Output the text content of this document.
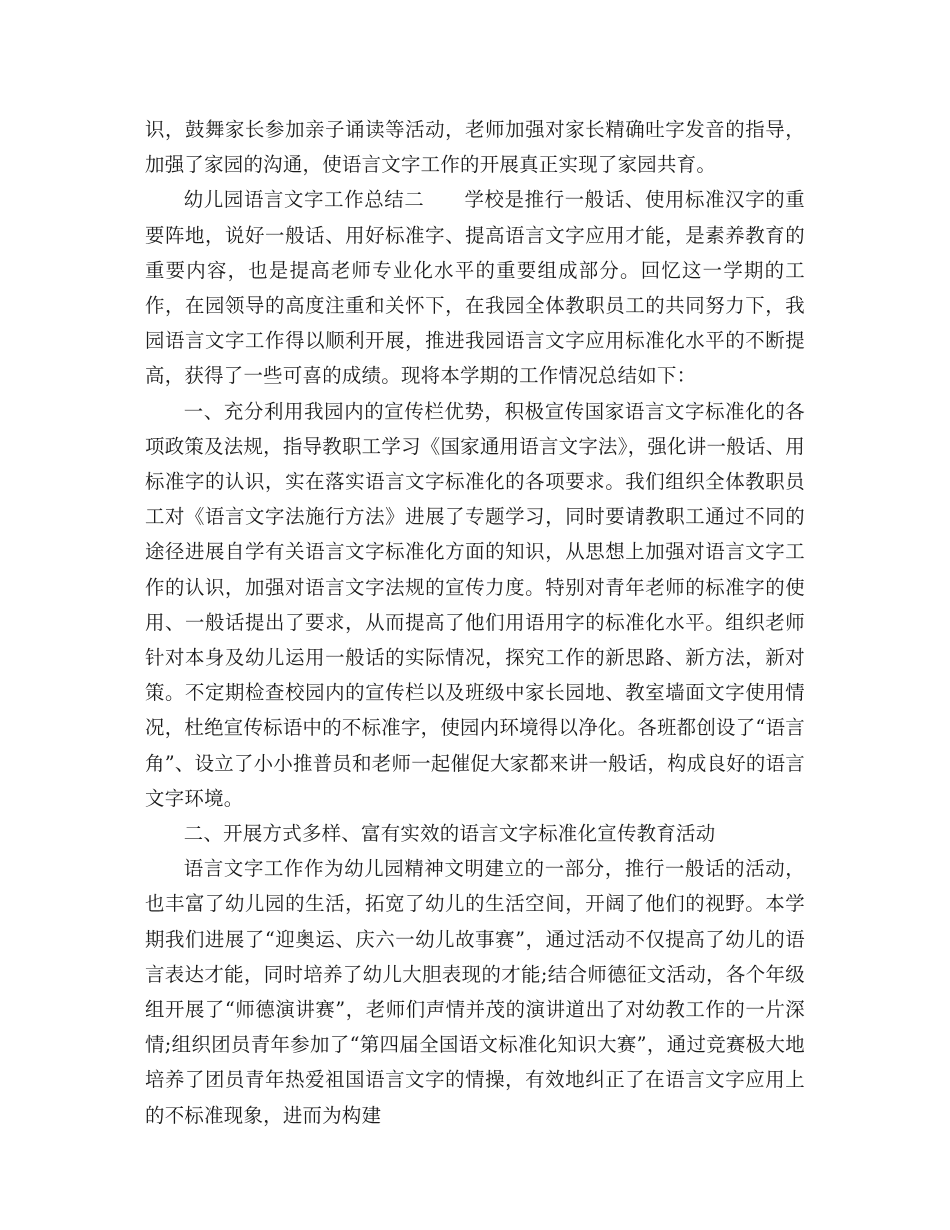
识，鼓舞家长参加亲子诵读等活动，老师加强对家长精确吐字发音的指导，加强了家园的沟通，使语言文字工作的开展真正实现了家园共育。

幼儿园语言文字工作总结二　　学校是推行一般话、使用标准汉字的重要阵地，说好一般话、用好标准字、提高语言文字应用才能，是素养教育的重要内容，也是提高老师专业化水平的重要组成部分。回忆这一学期的工作，在园领导的高度注重和关怀下，在我园全体教职员工的共同努力下，我园语言文字工作得以顺利开展，推进我园语言文字应用标准化水平的不断提高，获得了一些可喜的成绩。现将本学期的工作情况总结如下：

一、充分利用我园内的宣传栏优势，积极宣传国家语言文字标准化的各项政策及法规，指导教职工学习《国家通用语言文字法》，强化讲一般话、用标准字的认识，实在落实语言文字标准化的各项要求。我们组织全体教职员工对《语言文字法施行方法》进展了专题学习，同时要请教职工通过不同的途径进展自学有关语言文字标准化方面的知识，从思想上加强对语言文字工作的认识，加强对语言文字法规的宣传力度。特别对青年老师的标准字的使用、一般话提出了要求，从而提高了他们用语用字的标准化水平。组织老师针对本身及幼儿运用一般话的实际情况，探究工作的新思路、新方法，新对策。不定期检查校园内的宣传栏以及班级中家长园地、教室墙面文字使用情况，杜绝宣传标语中的不标准字，使园内环境得以净化。各班都创设了“语言角”、设立了小小推普员和老师一起催促大家都来讲一般话，构成良好的语言文字环境。

二、开展方式多样、富有实效的语言文字标准化宣传教育活动

语言文字工作作为幼儿园精神文明建立的一部分，推行一般话的活动，也丰富了幼儿园的生活，拓宽了幼儿的生活空间，开阔了他们的视野。本学期我们进展了“迎奥运、庆六一幼儿故事赛”，通过活动不仅提高了幼儿的语言表达才能，同时培养了幼儿大胆表现的才能;结合师德征文活动，各个年级组开展了“师德演讲赛”，老师们声情并茂的演讲道出了对幼教工作的一片深情;组织团员青年参加了“第四届全国语文标准化知识大赛”，通过竞赛极大地培养了团员青年热爱祖国语言文字的情操，有效地纠正了在语言文字应用上的不标准现象，进而为构建
